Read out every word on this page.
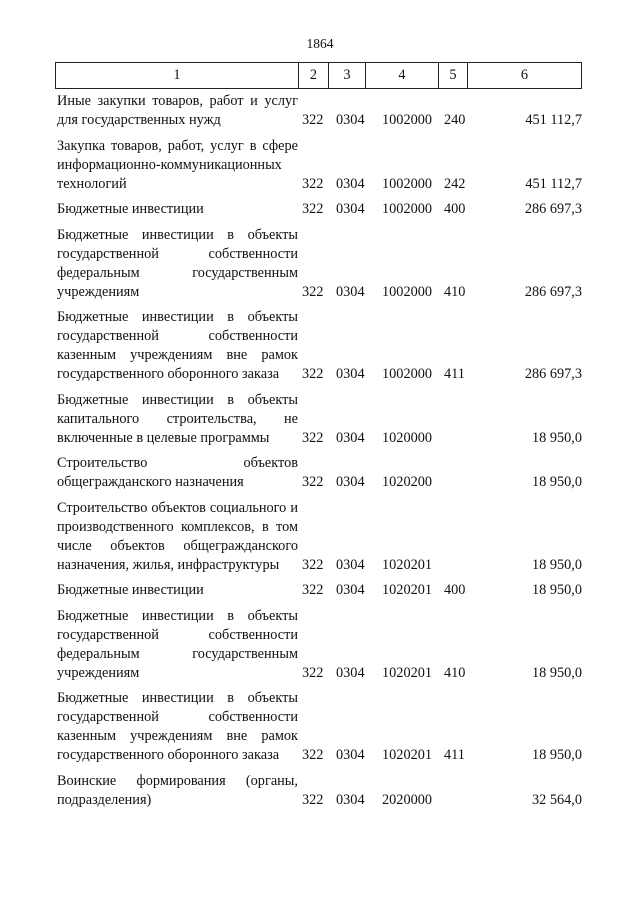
1864
1	2	3	4	5	6
Иные закупки товаров, работ и услуг для государственных нужд	322 0304	1002000 240	451 112,7
Закупка товаров, работ, услуг в сфере информационно-коммуникационных технологий	322 0304	1002000 242	451 112,7
Бюджетные инвестиции	322 0304	1002000 400	286 697,3
Бюджетные инвестиции в объекты государственной собственности федеральным государственным учреждениям	322 0304	1002000 410	286 697,3
Бюджетные инвестиции в объекты государственной собственности казенным учреждениям вне рамок государственного оборонного заказа	322 0304	1002000 411	286 697,3
Бюджетные инвестиции в объекты капитального строительства, не включенные в целевые программы	322 0304	1020000	18 950,0
Строительство объектов общегражданского назначения	322 0304	1020200	18 950,0
Строительство объектов социального и производственного комплексов, в том числе объектов общегражданского назначения, жилья, инфраструктуры	322 0304	1020201	18 950,0
Бюджетные инвестиции	322 0304	1020201 400	18 950,0
Бюджетные инвестиции в объекты государственной собственности федеральным государственным учреждениям	322 0304	1020201 410	18 950,0
Бюджетные инвестиции в объекты государственной собственности казенным учреждениям вне рамок государственного оборонного заказа	322 0304	1020201 411	18 950,0
Воинские формирования (органы, подразделения)	322 0304	2020000	32 564,0
